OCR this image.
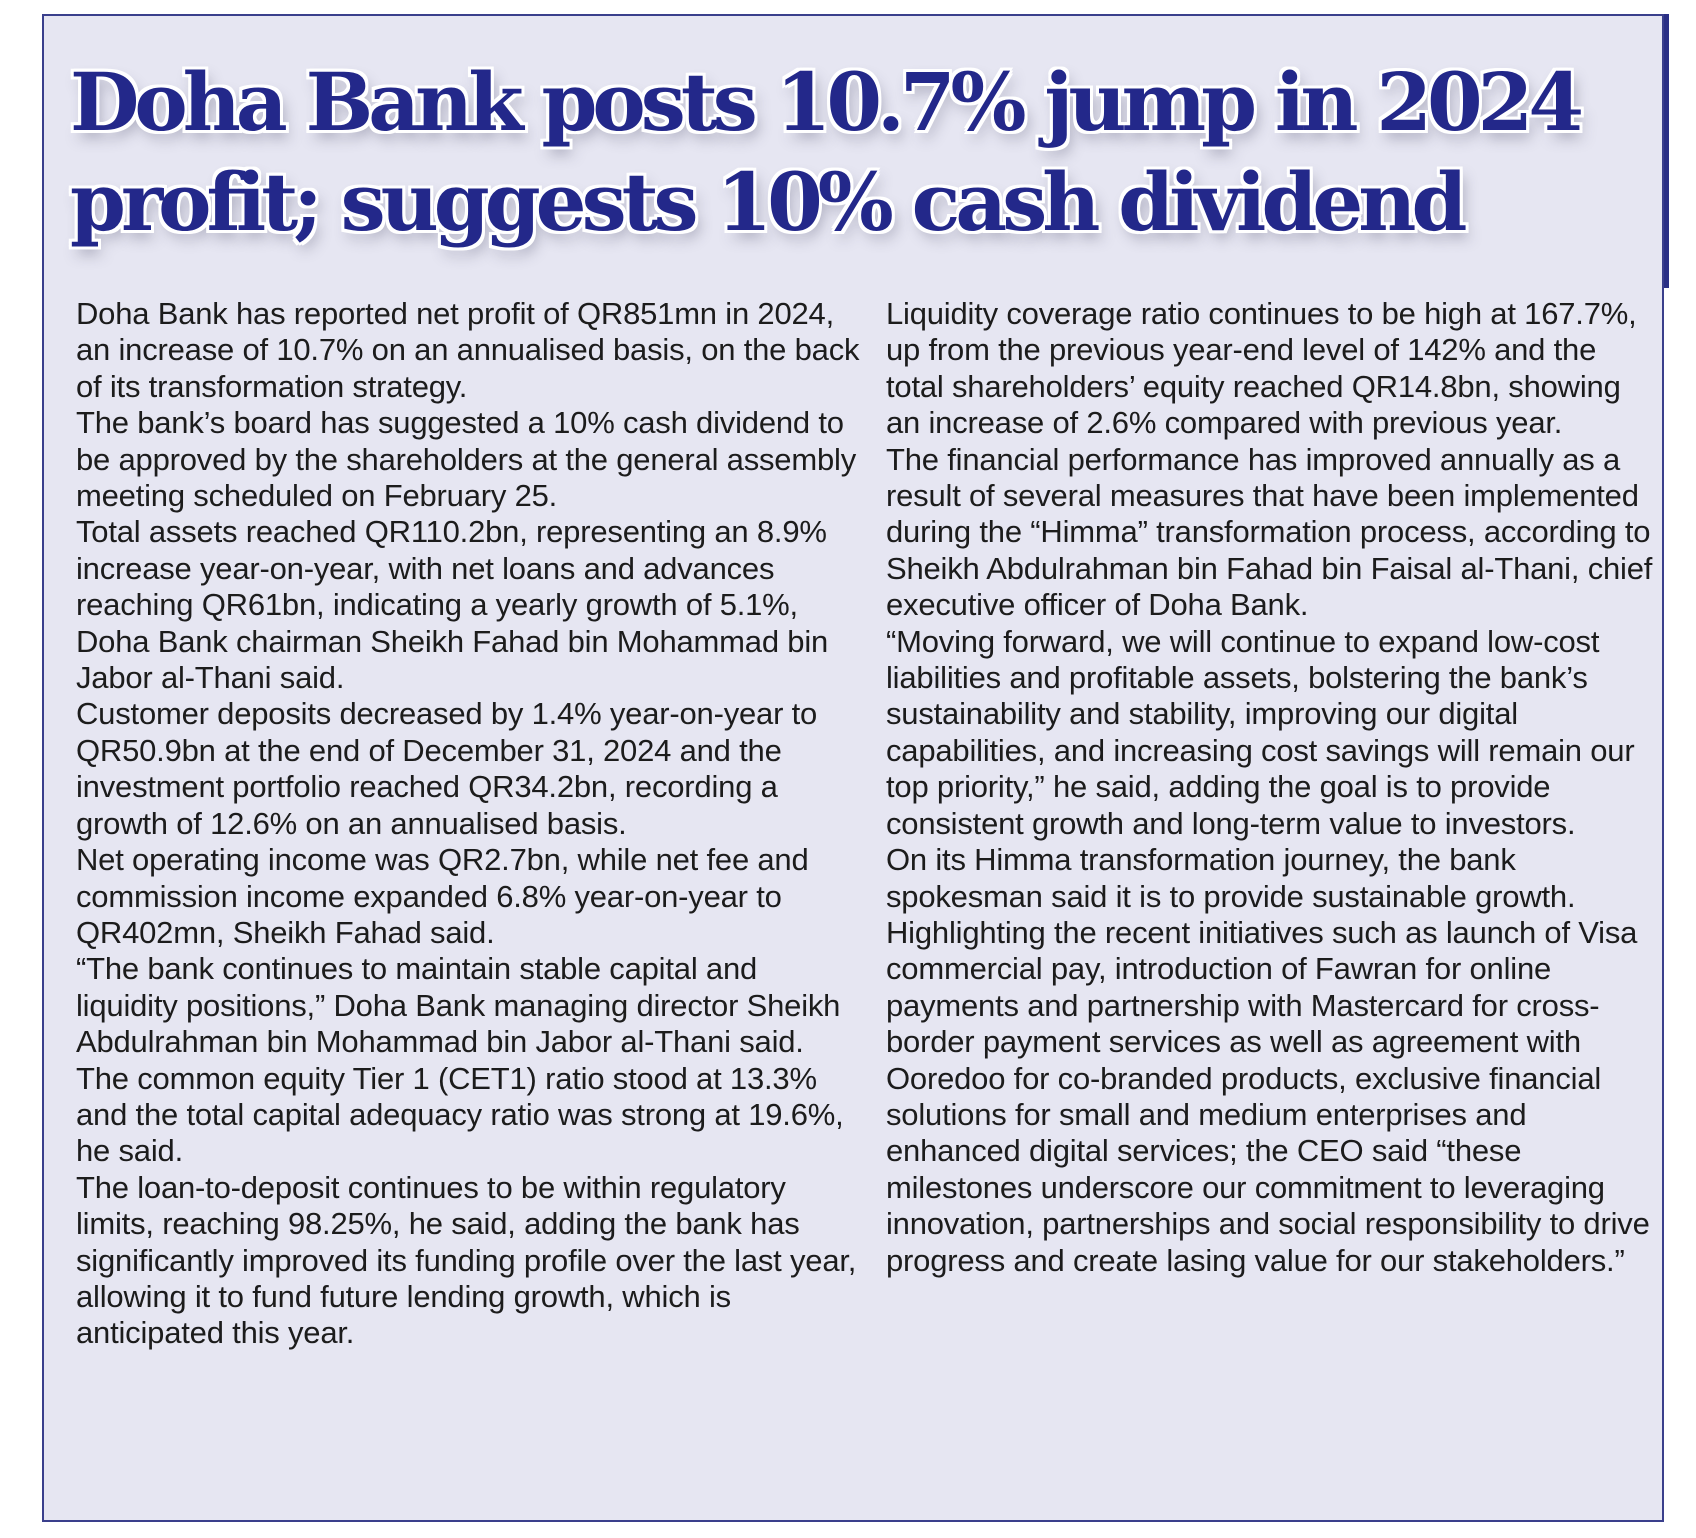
Doha Bank posts 10.7% jump in 2024
profit; suggests 10% cash dividend

Doha Bank has reported net profit of QR851mn in 2024, an increase of 10.7% on an annualised basis, on the back of its transformation strategy.

The bank’s board has suggested a 10% cash dividend to be approved by the shareholders at the general assembly meeting scheduled on February 25.

Total assets reached QR110.2bn, representing an 8.9% increase year-on-year, with net loans and advances reaching QR61bn, indicating a yearly growth of 5.1%, Doha Bank chairman Sheikh Fahad bin Mohammad bin Jabor al-Thani said.

Customer deposits decreased by 1.4% year-on-year to QR50.9bn at the end of December 31, 2024 and the investment portfolio reached QR34.2bn, recording a growth of 12.6% on an annualised basis.

Net operating income was QR2.7bn, while net fee and commission income expanded 6.8% year-on-year to QR402mn, Sheikh Fahad said.

“The bank continues to maintain stable capital and liquidity positions,” Doha Bank managing director Sheikh Abdulrahman bin Mohammad bin Jabor al-Thani said.

The common equity Tier 1 (CET1) ratio stood at 13.3% and the total capital adequacy ratio was strong at 19.6%, he said.

The loan-to-deposit continues to be within regulatory limits, reaching 98.25%, he said, adding the bank has significantly improved its funding profile over the last year, allowing it to fund future lending growth, which is anticipated this year.

Liquidity coverage ratio continues to be high at 167.7%, up from the previous year-end level of 142% and the total shareholders’ equity reached QR14.8bn, showing an increase of 2.6% compared with previous year.

The financial performance has improved annually as a result of several measures that have been implemented during the “Himma” transformation process, according to Sheikh Abdulrahman bin Fahad bin Faisal al-Thani, chief executive officer of Doha Bank.

“Moving forward, we will continue to expand low-cost liabilities and profitable assets, bolstering the bank’s sustainability and stability, improving our digital capabilities, and increasing cost savings will remain our top priority,” he said, adding the goal is to provide consistent growth and long-term value to investors.

On its Himma transformation journey, the bank spokesman said it is to provide sustainable growth. Highlighting the recent initiatives such as launch of Visa commercial pay, introduction of Fawran for online payments and partnership with Mastercard for cross-border payment services as well as agreement with Ooredoo for co-branded products, exclusive financial solutions for small and medium enterprises and enhanced digital services; the CEO said “these milestones underscore our commitment to leveraging innovation, partnerships and social responsibility to drive progress and create lasing value for our stakeholders.”
